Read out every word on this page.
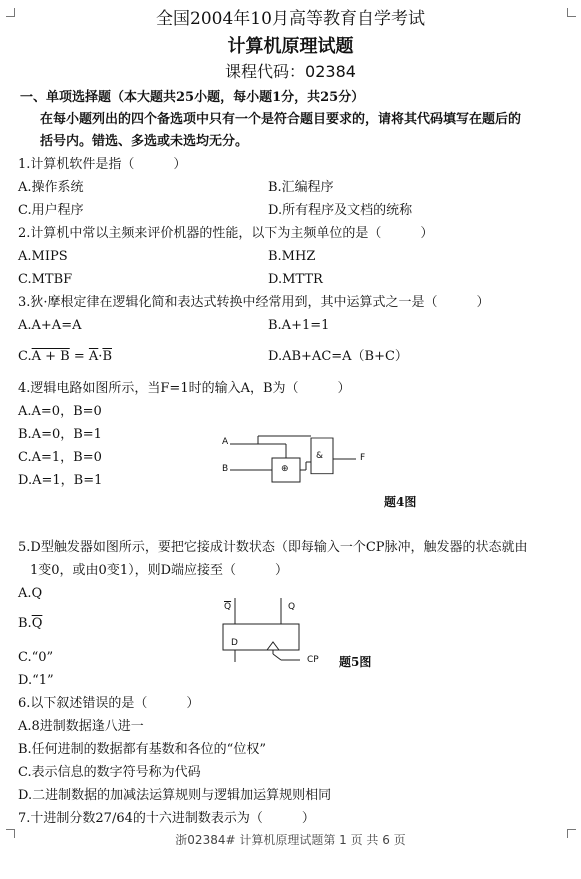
全国2004年10月高等教育自学考试
计算机原理试题
课程代码：02384
一、单项选择题（本大题共25小题，每小题1分，共25分）
在每小题列出的四个备选项中只有一个是符合题目要求的，请将其代码填写在题后的
括号内。错选、多选或未选均无分。
1.计算机软件是指（　　　）
A.操作系统	B.汇编程序
C.用户程序	D.所有程序及文档的统称
2.计算机中常以主频来评价机器的性能，以下为主频单位的是（　　　）
A.MIPS	B.MHZ
C.MTBF	D.MTTR
3.狄·摩根定律在逻辑化简和表达式转换中经常用到，其中运算式之一是（　　　）
A.A+A=A	B.A+1=1
$C.A + B = \overline{A}\cdot\overline{B}$	D.AB+AC=A（B+C）
4.逻辑电路如图所示，当F=1时的输入A，B为（　　　）
A.A=0，B=0
B.A=0，B=1
C.A=1，B=0
D.A=1，B=1
A
B
F
⊕
&
题4图
5.D型触发器如图所示，要把它接成计数状态（即每输入一个CP脉冲，触发器的状态就由
1变0，或由0变1），则D端应接至（　　　）
A.Q
$B.\overline{Q}$
C.“0”
D.“1”
$\overline{Q}$	Q
D
CP 题5图
6.以下叙述错误的是（　　　）
A.8进制数据逢八进一
B.任何进制的数据都有基数和各位的“位权”
C.表示信息的数字符号称为代码
D.二进制数据的加减法运算规则与逻辑加运算规则相同
7.十进制分数27/64的十六进制数表示为（　　　）
浙02384# 计算机原理试题第 1 页 共 6 页
